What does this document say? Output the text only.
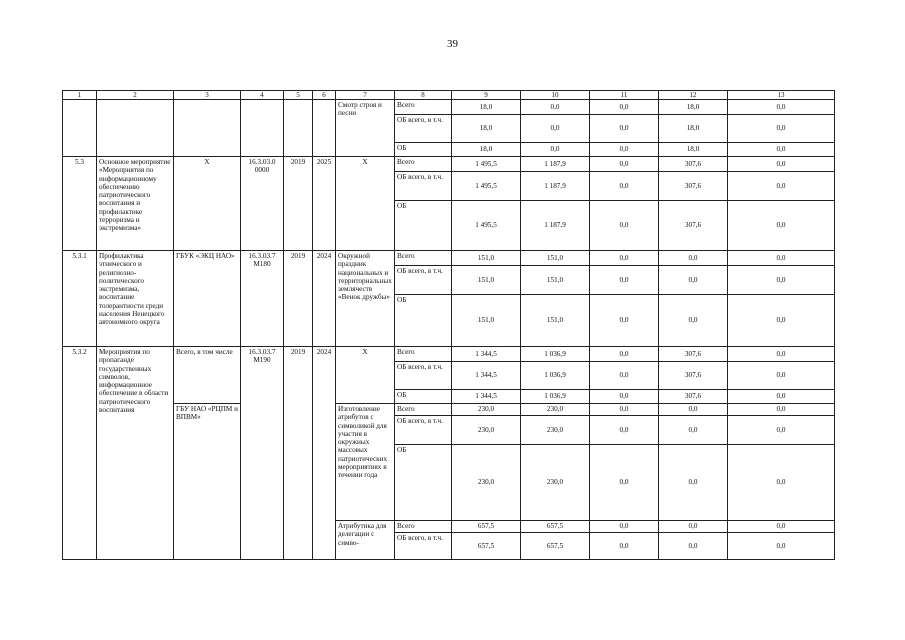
39
1	2	3	4	5	6	7	8	9	10	11	12	13
						Смотр строя и песни	Всего	18,0	0,0	0,0	18,0	0,0
							ОБ всего, в т.ч.	18,0	0,0	0,0	18,0	0,0
							ОБ	18,0	0,0	0,0	18,0	0,0
5.3	Основное мероприятие «Мероприятия по информационному обеспечению патриотического воспитания и профилактике терроризма и экстремизма»	X	16.3.03.0 0000	2019	2025	X	Всего	1 495,5	1 187,9	0,0	307,6	0,0
							ОБ всего, в т.ч.	1 495,5	1 187,9	0,0	307,6	0,0
							ОБ	1 495,5	1 187,9	0,0	307,6	0,0
5.3.1	Профилактика этнического и религиозно-политического экстремизма, воспитание толерантности среди населения Ненецкого автономного округа	ГБУК «ЭКЦ НАО»	16.3.03.7 М180	2019	2024	Окружной праздник национальных и территориальных землячеств «Венок дружбы»	Всего	151,0	151,0	0,0	0,0	0,0
							ОБ всего, в т.ч.	151,0	151,0	0,0	0,0	0,0
							ОБ	151,0	151,0	0,0	0,0	0,0
5.3.2	Мероприятия по пропаганде государственных символов, информационное обеспечение в области патриотического воспитания	Всего, в том числе	16.3.03.7 М190	2019	2024	X	Всего	1 344,5	1 036,9	0,0	307,6	0,0
							ОБ всего, в т.ч.	1 344,5	1 036,9	0,0	307,6	0,0
							ОБ	1 344,5	1 036,9	0,0	307,6	0,0
		ГБУ НАО «РЦПМ и ВПВМ»				Изготовление атрибутов с символикой для участия в окружных массовых патриотических мероприятиях в течении года	Всего	230,0	230,0	0,0	0,0	0,0
							ОБ всего, в т.ч.	230,0	230,0	0,0	0,0	0,0
							ОБ	230,0	230,0	0,0	0,0	0,0
						Атрибутика для делегации с симво-	Всего	657,5	657,5	0,0	0,0	0,0
							ОБ всего, в т.ч.	657,5	657,5	0,0	0,0	0,0
